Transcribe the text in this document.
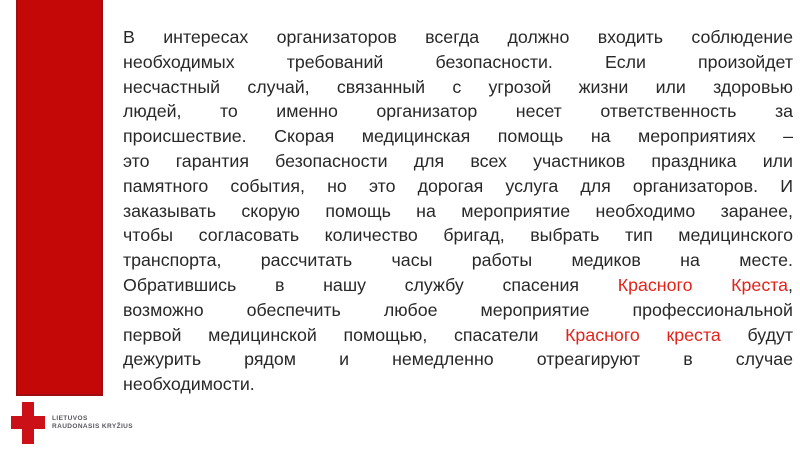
В интересах организаторов всегда должно входить соблюдение
необходимых требований безопасности. Если произойдет
несчастный случай, связанный с угрозой жизни или здоровью
людей, то именно организатор несет ответственность за
происшествие. Скорая медицинская помощь на мероприятиях –
это гарантия безопасности для всех участников праздника или
памятного события, но это дорогая услуга для организаторов. И
заказывать скорую помощь на мероприятие необходимо заранее,
чтобы согласовать количество бригад, выбрать тип медицинского
транспорта, рассчитать часы работы медиков на месте.
Обратившись в нашу службу спасения Красного Креста,
возможно обеспечить любое мероприятие профессиональной
первой медицинской помощью, спасатели Красного креста будут
дежурить рядом и немедленно отреагируют в случае
необходимости.
LIETUVOS
RAUDONASIS KRYŽIUS
